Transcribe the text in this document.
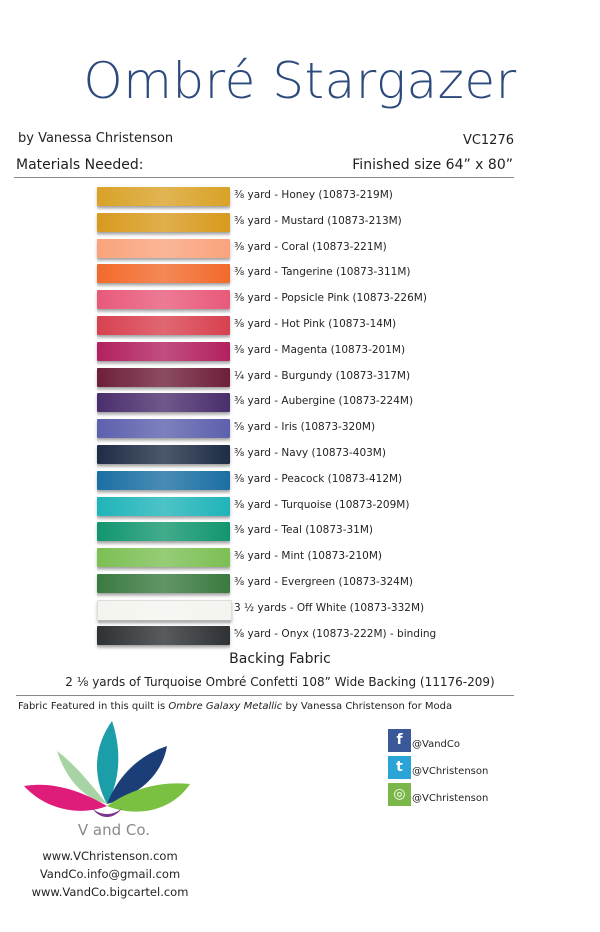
Ombré Stargazer
by Vanessa Christenson	VC1276
Materials Needed:	Finished size 64” x 80”
⅜ yard - Honey (10873-219M)
⅜ yard - Mustard (10873-213M)
⅜ yard - Coral (10873-221M)
⅜ yard - Tangerine (10873-311M)
⅜ yard - Popsicle Pink (10873-226M)
⅜ yard - Hot Pink (10873-14M)
⅜ yard - Magenta (10873-201M)
¼ yard - Burgundy (10873-317M)
⅜ yard - Aubergine (10873-224M)
⅝ yard - Iris (10873-320M)
⅜ yard - Navy (10873-403M)
⅜ yard - Peacock (10873-412M)
⅜ yard - Turquoise (10873-209M)
⅜ yard - Teal (10873-31M)
⅜ yard - Mint (10873-210M)
⅜ yard - Evergreen (10873-324M)
3 ½ yards - Off White (10873-332M)
⅝ yard - Onyx (10873-222M) - binding
Backing Fabric
2 ⅛ yards of Turquoise Ombré Confetti 108” Wide Backing (11176-209)
Fabric Featured in this quilt is Ombre Galaxy Metallic by Vanessa Christenson for Moda
V and Co.
www.VChristenson.com
VandCo.info@gmail.com
www.VandCo.bigcartel.com
f @VandCo
t @VChristenson
◎ @VChristenson
